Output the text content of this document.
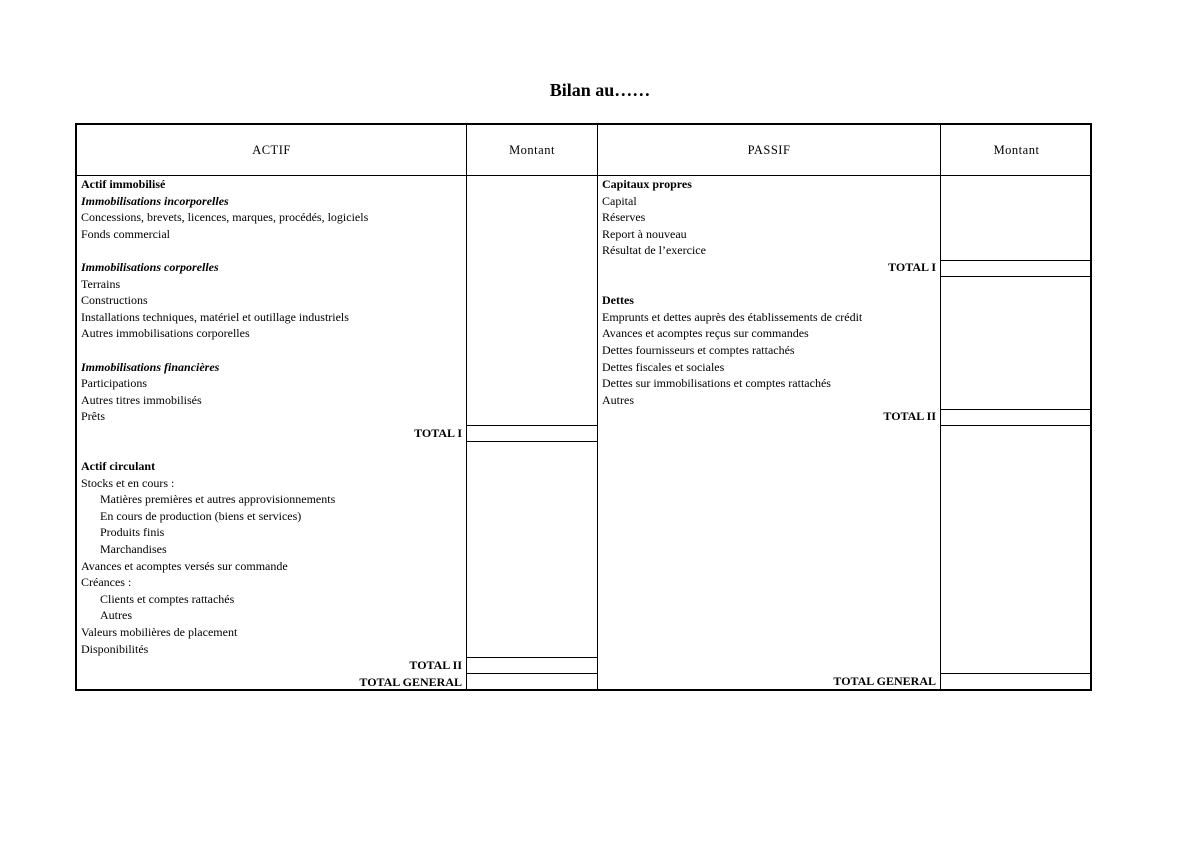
Bilan au……
ACTIF	Montant	PASSIF	Montant
Actif immobilisé
Immobilisations incorporelles
Concessions, brevets, licences, marques, procédés, logiciels
Fonds commercial
Immobilisations corporelles
Terrains
Constructions
Installations techniques, matériel et outillage industriels
Autres immobilisations corporelles
Immobilisations financières
Participations
Autres titres immobilisés
Prêts
TOTAL I
Actif circulant
Stocks et en cours :
Matières premières et autres approvisionnements
En cours de production (biens et services)
Produits finis
Marchandises
Avances et acomptes versés sur commande
Créances :
Clients et comptes rattachés
Autres
Valeurs mobilières de placement
Disponibilités
TOTAL II
TOTAL GENERAL
Capitaux propres
Capital
Réserves
Report à nouveau
Résultat de l’exercice
TOTAL I
Dettes
Emprunts et dettes auprès des établissements de crédit
Avances et acomptes reçus sur commandes
Dettes fournisseurs et comptes rattachés
Dettes fiscales et sociales
Dettes sur immobilisations et comptes rattachés
Autres
TOTAL II
TOTAL GENERAL
